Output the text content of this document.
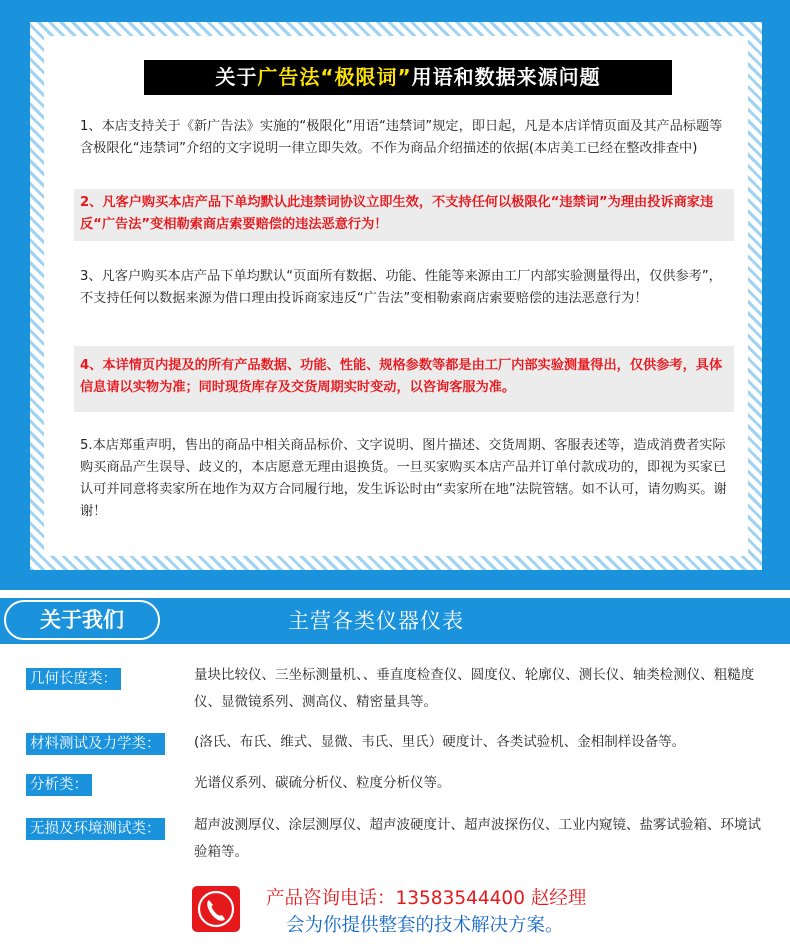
关于广告法“极限词”用语和数据来源问题
1、本店支持关于《新广告法》实施的“极限化”用语“违禁词”规定，即日起，凡是本店详情页面及其产品标题等含极限化“违禁词”介绍的文字说明一律立即失效。不作为商品介绍描述的依据(本店美工已经在整改排查中)
2、凡客户购买本店产品下单均默认此违禁词协议立即生效，不支持任何以极限化“违禁词”为理由投诉商家违反“广告法”变相勒索商店索要赔偿的违法恶意行为！
3、凡客户购买本店产品下单均默认“页面所有数据、功能、性能等来源由工厂内部实验测量得出，仅供参考”，不支持任何以数据来源为借口理由投诉商家违反“广告法”变相勒索商店索要赔偿的违法恶意行为！
4、本详情页内提及的所有产品数据、功能、性能、规格参数等都是由工厂内部实验测量得出，仅供参考，具体信息请以实物为准；同时现货库存及交货周期实时变动，以咨询客服为准。
5.本店郑重声明，售出的商品中相关商品标价、文字说明、图片描述、交货周期、客服表述等，造成消费者实际购买商品产生误导、歧义的，本店愿意无理由退换货。一旦买家购买本店产品并订单付款成功的，即视为买家已认可并同意将卖家所在地作为双方合同履行地，发生诉讼时由“卖家所在地”法院管辖。如不认可，请勿购买。谢谢！
关于我们	主营各类仪器仪表
几何长度类：	量块比较仪、三坐标测量机、、垂直度检查仪、圆度仪、轮廓仪、测长仪、轴类检测仪、粗糙度仪、显微镜系列、测高仪、精密量具等。
材料测试及力学类： (洛氏、布氏、维式、显微、韦氏、里氏）硬度计、各类试验机、金相制样设备等。
分析类：	光谱仪系列、碳硫分析仪、粒度分析仪等。
无损及环境测试类： 超声波测厚仪、涂层测厚仪、超声波硬度计、超声波探伤仪、工业内窥镜、盐雾试验箱、环境试验箱等。
产品咨询电话：13583544400 赵经理
会为你提供整套的技术解决方案。
